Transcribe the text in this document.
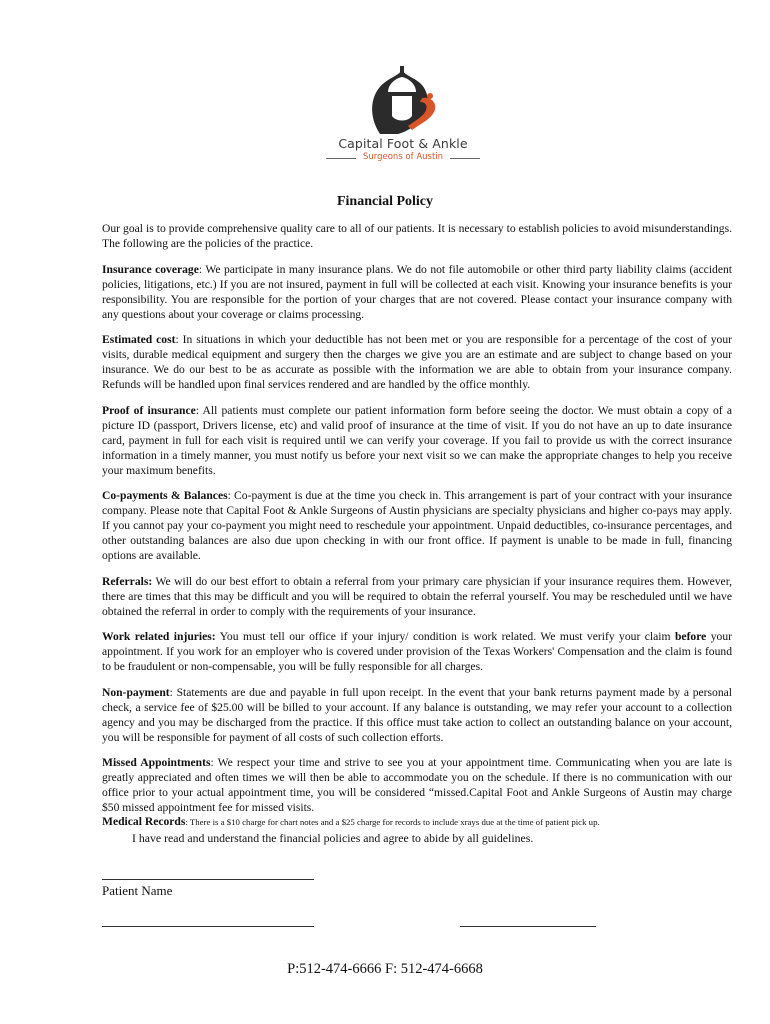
Capital Foot & Ankle
Surgeons of Austin
Financial Policy

Our goal is to provide comprehensive quality care to all of our patients. It is necessary to establish policies to avoid misunderstandings. The following are the policies of the practice.

Insurance coverage: We participate in many insurance plans. We do not file automobile or other third party liability claims (accident policies, litigations, etc.) If you are not insured, payment in full will be collected at each visit. Knowing your insurance benefits is your responsibility. You are responsible for the portion of your charges that are not covered. Please contact your insurance company with any questions about your coverage or claims processing.

Estimated cost: In situations in which your deductible has not been met or you are responsible for a percentage of the cost of your visits, durable medical equipment and surgery then the charges we give you are an estimate and are subject to change based on your insurance. We do our best to be as accurate as possible with the information we are able to obtain from your insurance company. Refunds will be handled upon final services rendered and are handled by the office monthly.

Proof of insurance: All patients must complete our patient information form before seeing the doctor. We must obtain a copy of a picture ID (passport, Drivers license, etc) and valid proof of insurance at the time of visit. If you do not have an up to date insurance card, payment in full for each visit is required until we can verify your coverage. If you fail to provide us with the correct insurance information in a timely manner, you must notify us before your next visit so we can make the appropriate changes to help you receive your maximum benefits.

Co-payments & Balances: Co-payment is due at the time you check in. This arrangement is part of your contract with your insurance company. Please note that Capital Foot & Ankle Surgeons of Austin physicians are specialty physicians and higher co-pays may apply. If you cannot pay your co-payment you might need to reschedule your appointment. Unpaid deductibles, co-insurance percentages, and other outstanding balances are also due upon checking in with our front office. If payment is unable to be made in full, financing options are available.

Referrals: We will do our best effort to obtain a referral from your primary care physician if your insurance requires them. However, there are times that this may be difficult and you will be required to obtain the referral yourself. You may be rescheduled until we have obtained the referral in order to comply with the requirements of your insurance.

Work related injuries: You must tell our office if your injury/ condition is work related. We must verify your claim before your appointment. If you work for an employer who is covered under provision of the Texas Workers' Compensation and the claim is found to be fraudulent or non-compensable, you will be fully responsible for all charges.

Non-payment: Statements are due and payable in full upon receipt. In the event that your bank returns payment made by a personal check, a service fee of $25.00 will be billed to your account. If any balance is outstanding, we may refer your account to a collection agency and you may be discharged from the practice. If this office must take action to collect an outstanding balance on your account, you will be responsible for payment of all costs of such collection efforts.

Missed Appointments: We respect your time and strive to see you at your appointment time. Communicating when you are late is greatly appreciated and often times we will then be able to accommodate you on the schedule. If there is no communication with our office prior to your actual appointment time, you will be considered “missed.Capital Foot and Ankle Surgeons of Austin may charge $50 missed appointment fee for missed visits.

Medical Records: There is a $10 charge for chart notes and a $25 charge for records to include xrays due at the time of patient pick up.

I have read and understand the financial policies and agree to abide by all guidelines.

Patient Name
P:512-474-6666 F: 512-474-6668
